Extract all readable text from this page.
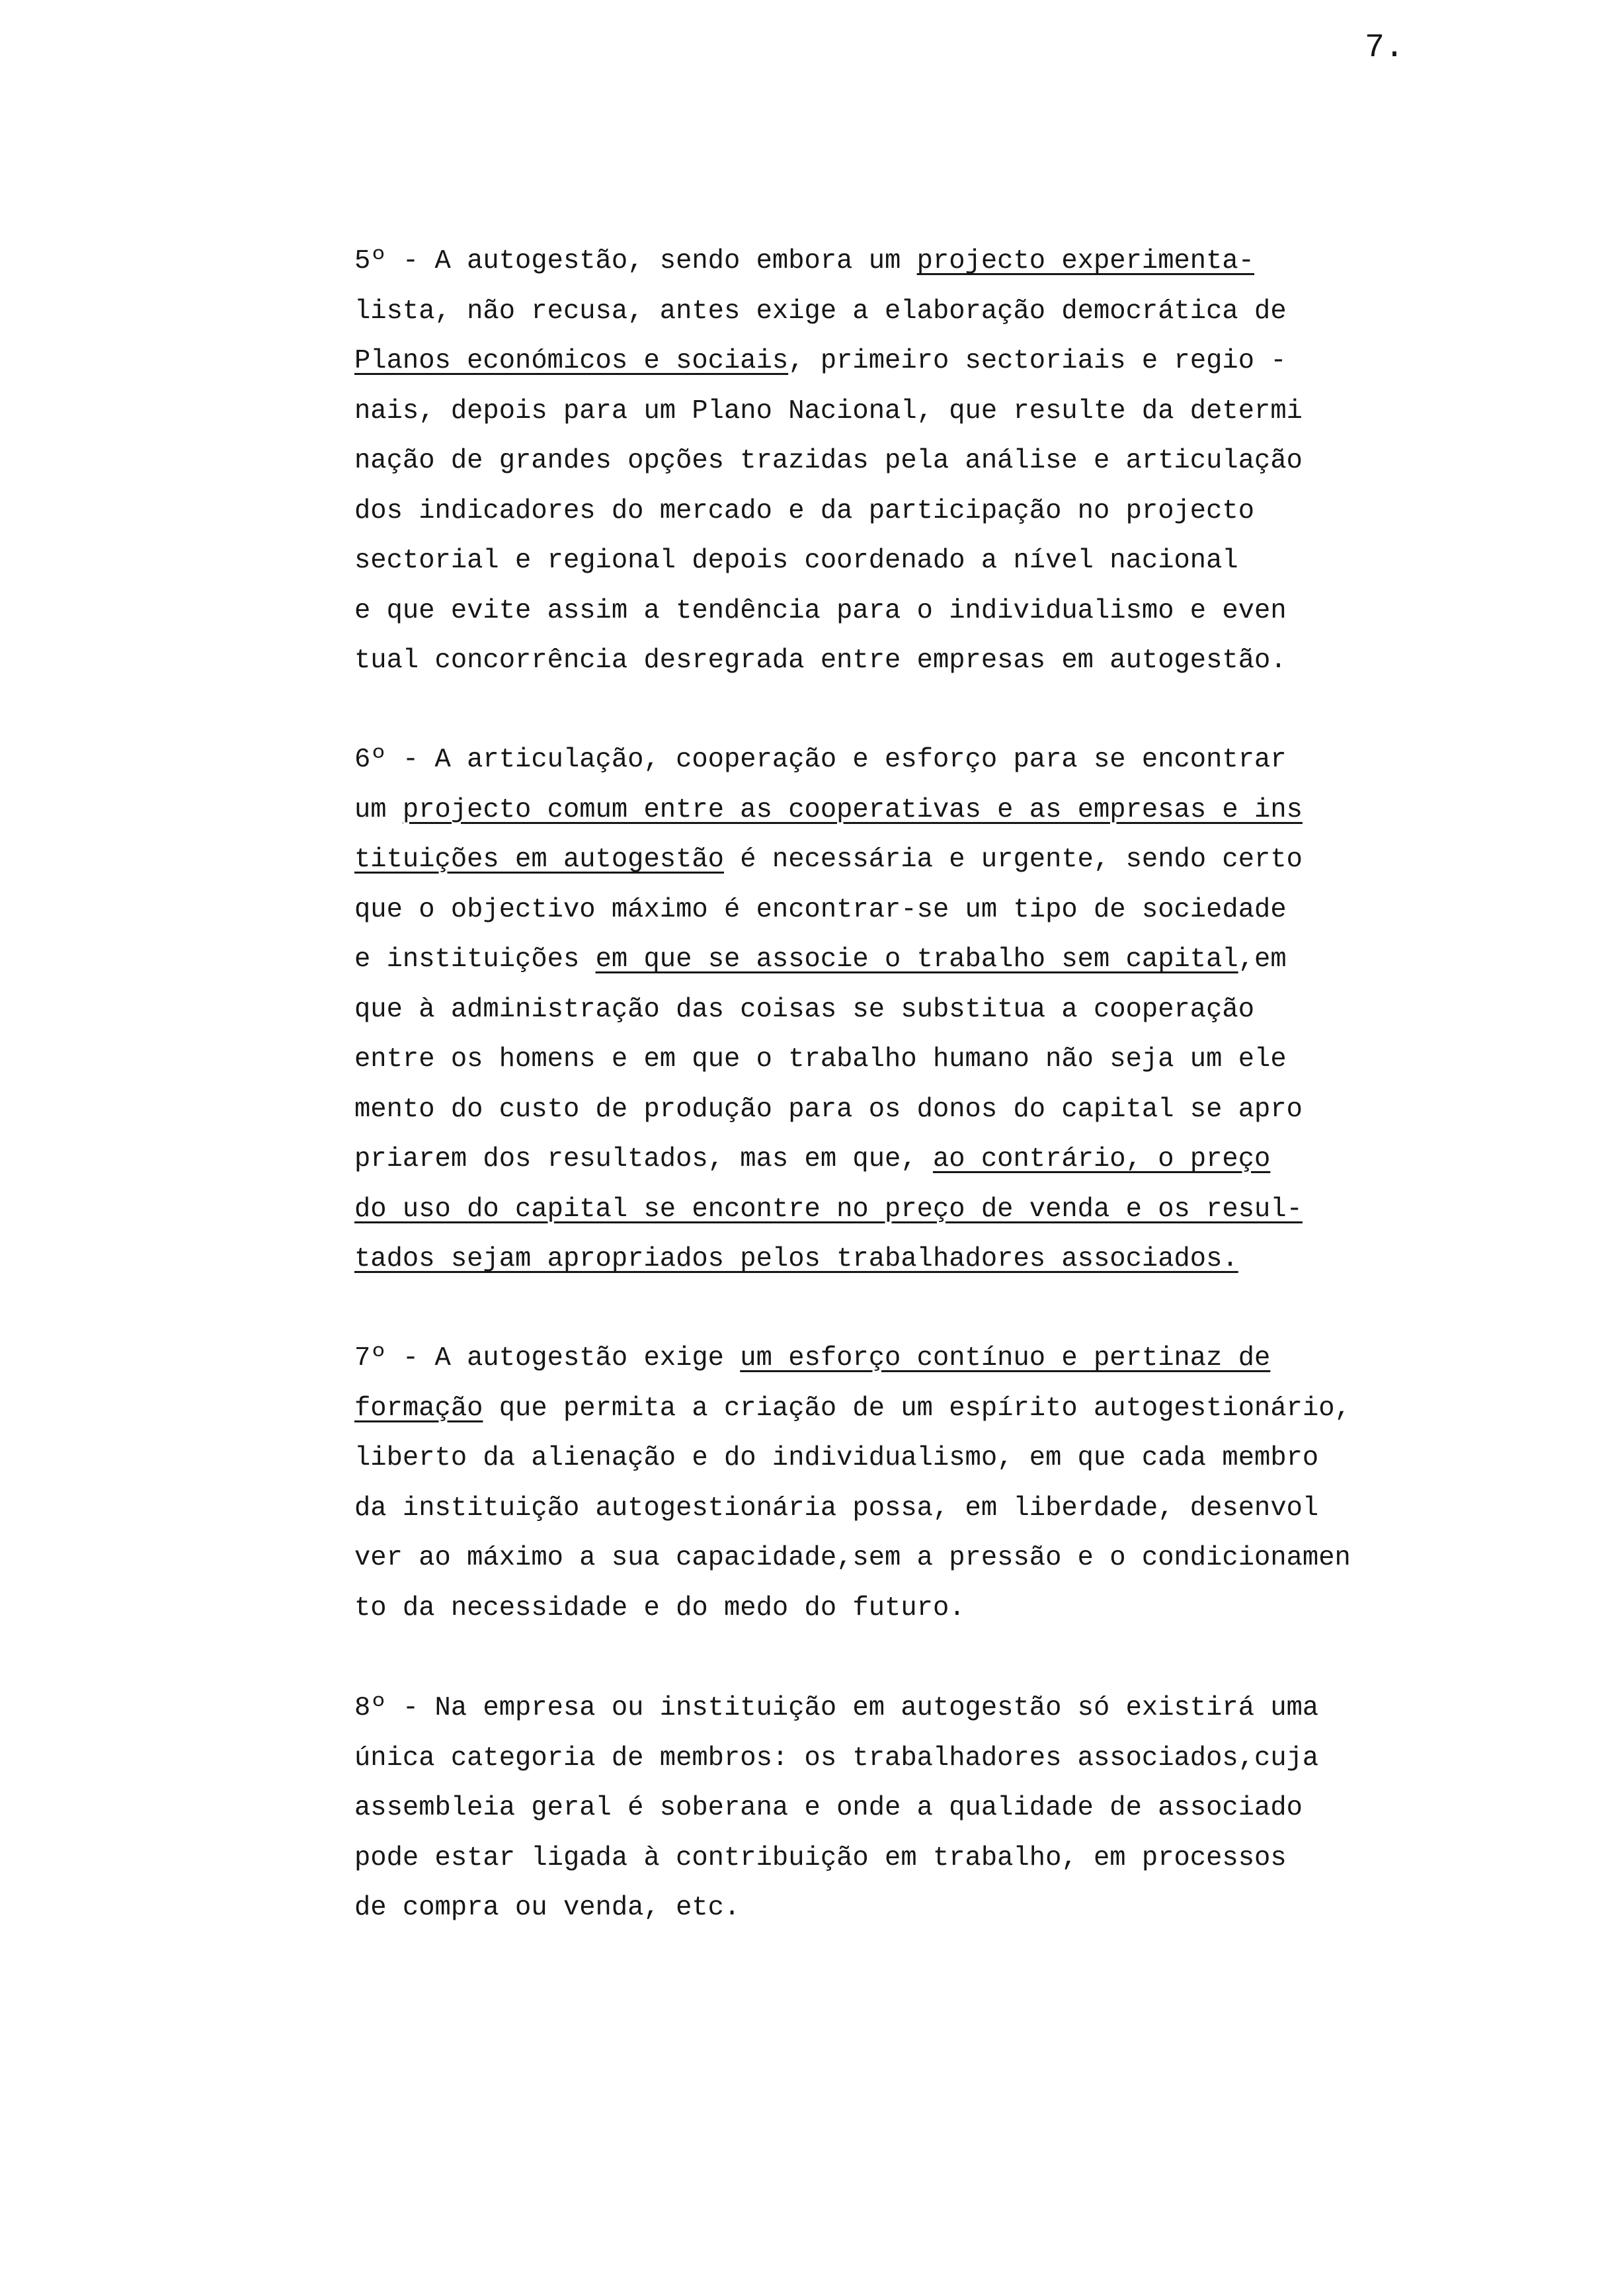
7.
5º - A autogestão, sendo embora um projecto experimenta-
lista, não recusa, antes exige a elaboração democrática de
Planos económicos e sociais, primeiro sectoriais e regio -
nais, depois para um Plano Nacional, que resulte da determi
nação de grandes opções trazidas pela análise e articulação
dos indicadores do mercado e da participação no projecto
sectorial e regional depois coordenado a nível nacional
e que evite assim a tendência para o individualismo e even
tual concorrência desregrada entre empresas em autogestão.
6º - A articulação, cooperação e esforço para se encontrar
um projecto comum entre as cooperativas e as empresas e ins
tituições em autogestão é necessária e urgente, sendo certo
que o objectivo máximo é encontrar-se um tipo de sociedade
e instituições em que se associe o trabalho sem capital,em
que à administração das coisas se substitua a cooperação
entre os homens e em que o trabalho humano não seja um ele
mento do custo de produção para os donos do capital se apro
priarem dos resultados, mas em que, ao contrário, o preço
do uso do capital se encontre no preço de venda e os resul-
tados sejam apropriados pelos trabalhadores associados.
7º - A autogestão exige um esforço contínuo e pertinaz de
formação que permita a criação de um espírito autogestionário,
liberto da alienação e do individualismo, em que cada membro
da instituição autogestionária possa, em liberdade, desenvol
ver ao máximo a sua capacidade,sem a pressão e o condicionamen
to da necessidade e do medo do futuro.
8º - Na empresa ou instituição em autogestão só existirá uma
única categoria de membros: os trabalhadores associados,cuja
assembleia geral é soberana e onde a qualidade de associado
pode estar ligada à contribuição em trabalho, em processos
de compra ou venda, etc.
